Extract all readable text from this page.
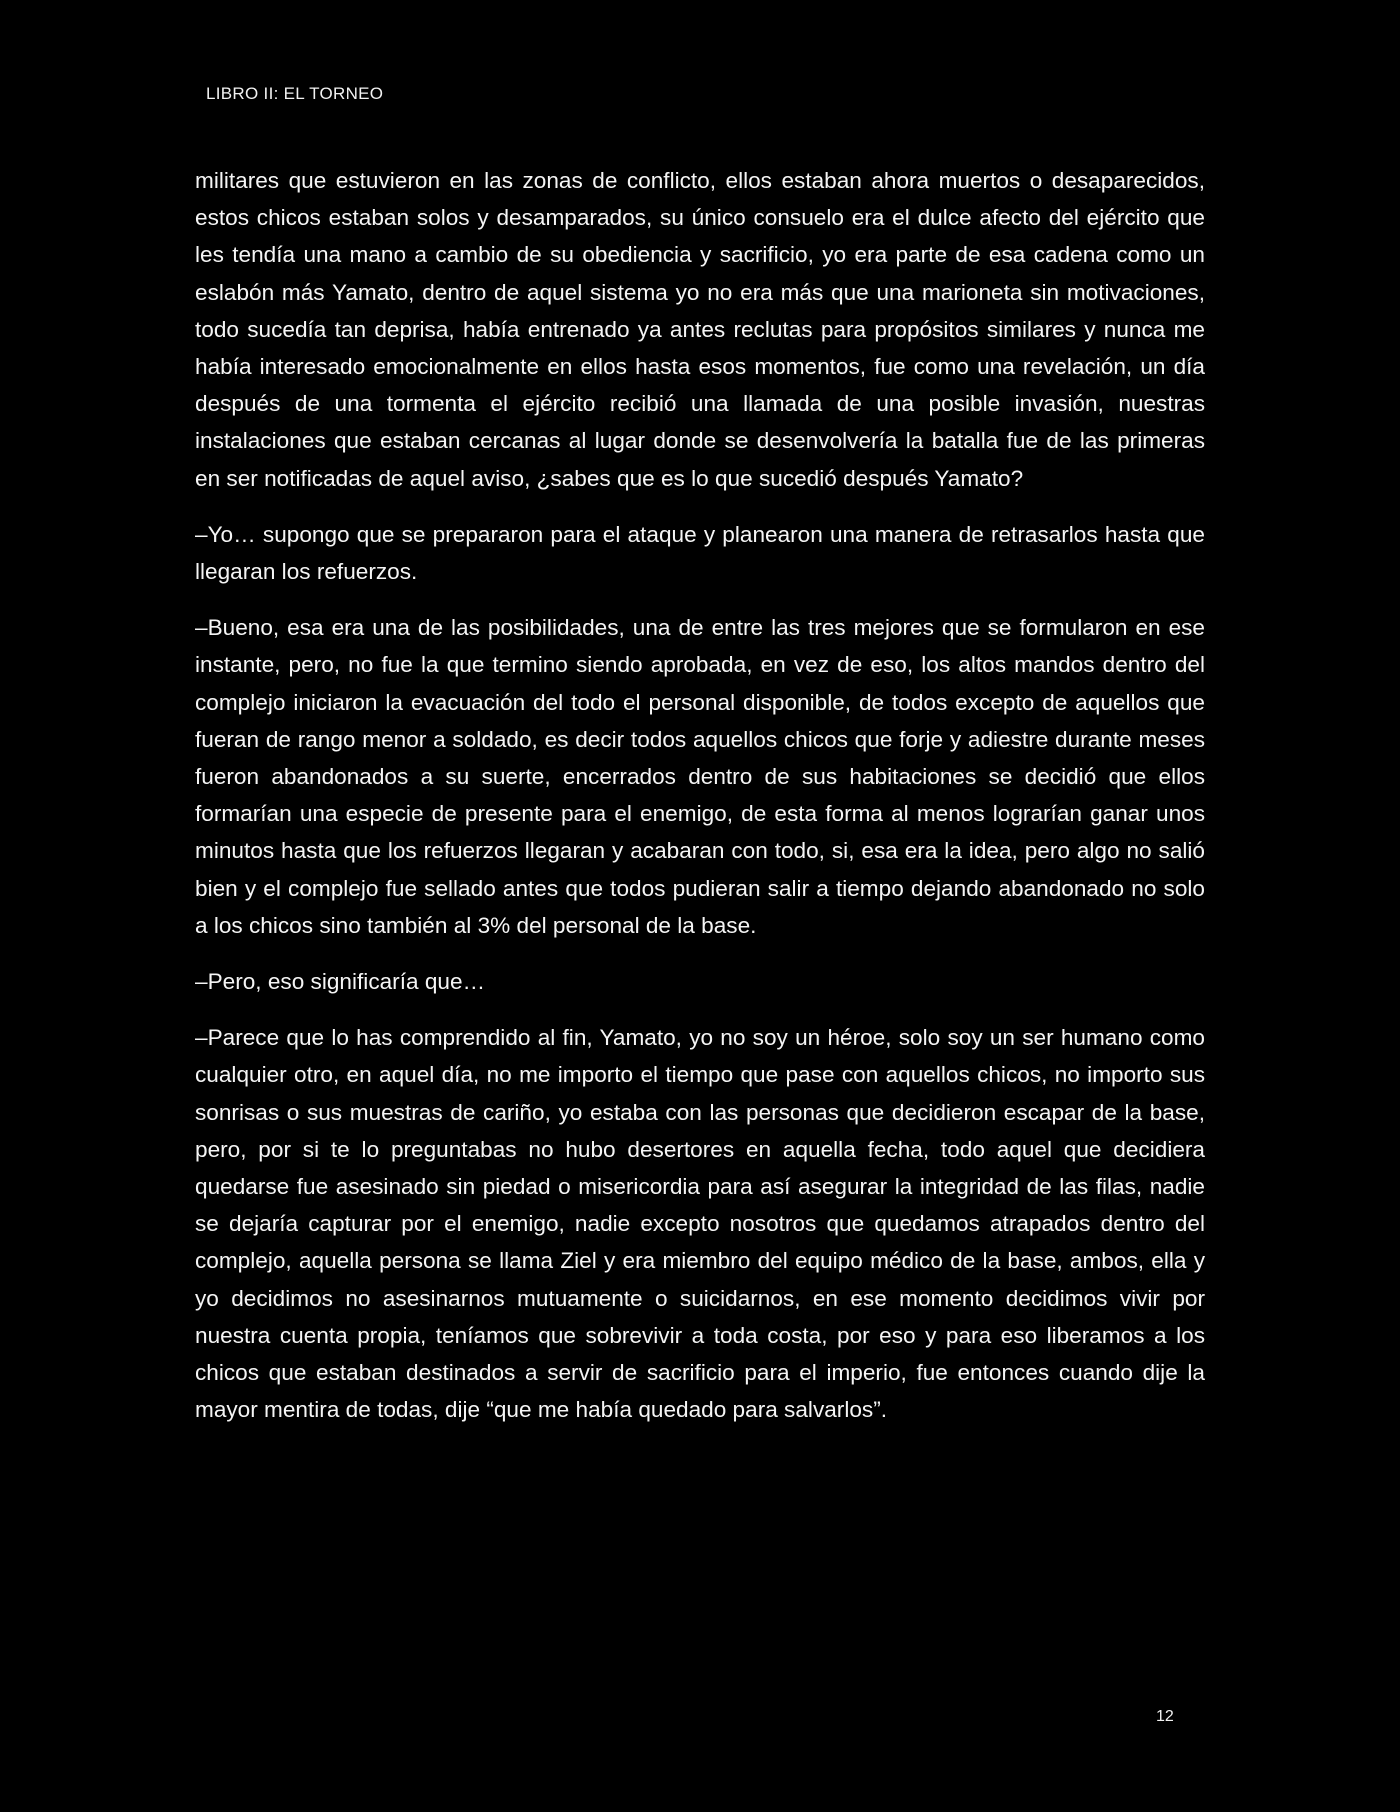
LIBRO II: EL TORNEO

militares que estuvieron en las zonas de conflicto, ellos estaban ahora muertos o desaparecidos, estos chicos estaban solos y desamparados, su único consuelo era el dulce afecto del ejército que les tendía una mano a cambio de su obediencia y sacrificio, yo era parte de esa cadena como un eslabón más Yamato, dentro de aquel sistema yo no era más que una marioneta sin motivaciones, todo sucedía tan deprisa, había entrenado ya antes reclutas para propósitos similares y nunca me había interesado emocionalmente en ellos hasta esos momentos, fue como una revelación, un día después de una tormenta el ejército recibió una llamada de una posible invasión, nuestras instalaciones que estaban cercanas al lugar donde se desenvolvería la batalla fue de las primeras en ser notificadas de aquel aviso, ¿sabes que es lo que sucedió después Yamato?

–Yo… supongo que se prepararon para el ataque y planearon una manera de retrasarlos hasta que llegaran los refuerzos.

–Bueno, esa era una de las posibilidades, una de entre las tres mejores que se formularon en ese instante, pero, no fue la que termino siendo aprobada, en vez de eso, los altos mandos dentro del complejo iniciaron la evacuación del todo el personal disponible, de todos excepto de aquellos que fueran de rango menor a soldado, es decir todos aquellos chicos que forje y adiestre durante meses fueron abandonados a su suerte, encerrados dentro de sus habitaciones se decidió que ellos formarían una especie de presente para el enemigo, de esta forma al menos lograrían ganar unos minutos hasta que los refuerzos llegaran y acabaran con todo, si, esa era la idea, pero algo no salió bien y el complejo fue sellado antes que todos pudieran salir a tiempo dejando abandonado no solo a los chicos sino también al 3% del personal de la base.

–Pero, eso significaría que…

–Parece que lo has comprendido al fin, Yamato, yo no soy un héroe, solo soy un ser humano como cualquier otro, en aquel día, no me importo el tiempo que pase con aquellos chicos, no importo sus sonrisas o sus muestras de cariño, yo estaba con las personas que decidieron escapar de la base, pero, por si te lo preguntabas no hubo desertores en aquella fecha, todo aquel que decidiera quedarse fue asesinado sin piedad o misericordia para así asegurar la integridad de las filas, nadie se dejaría capturar por el enemigo, nadie excepto nosotros que quedamos atrapados dentro del complejo, aquella persona se llama Ziel y era miembro del equipo médico de la base, ambos, ella y yo decidimos no asesinarnos mutuamente o suicidarnos, en ese momento decidimos vivir por nuestra cuenta propia, teníamos que sobrevivir a toda costa, por eso y para eso liberamos a los chicos que estaban destinados a servir de sacrificio para el imperio, fue entonces cuando dije la mayor mentira de todas, dije “que me había quedado para salvarlos”.

12
